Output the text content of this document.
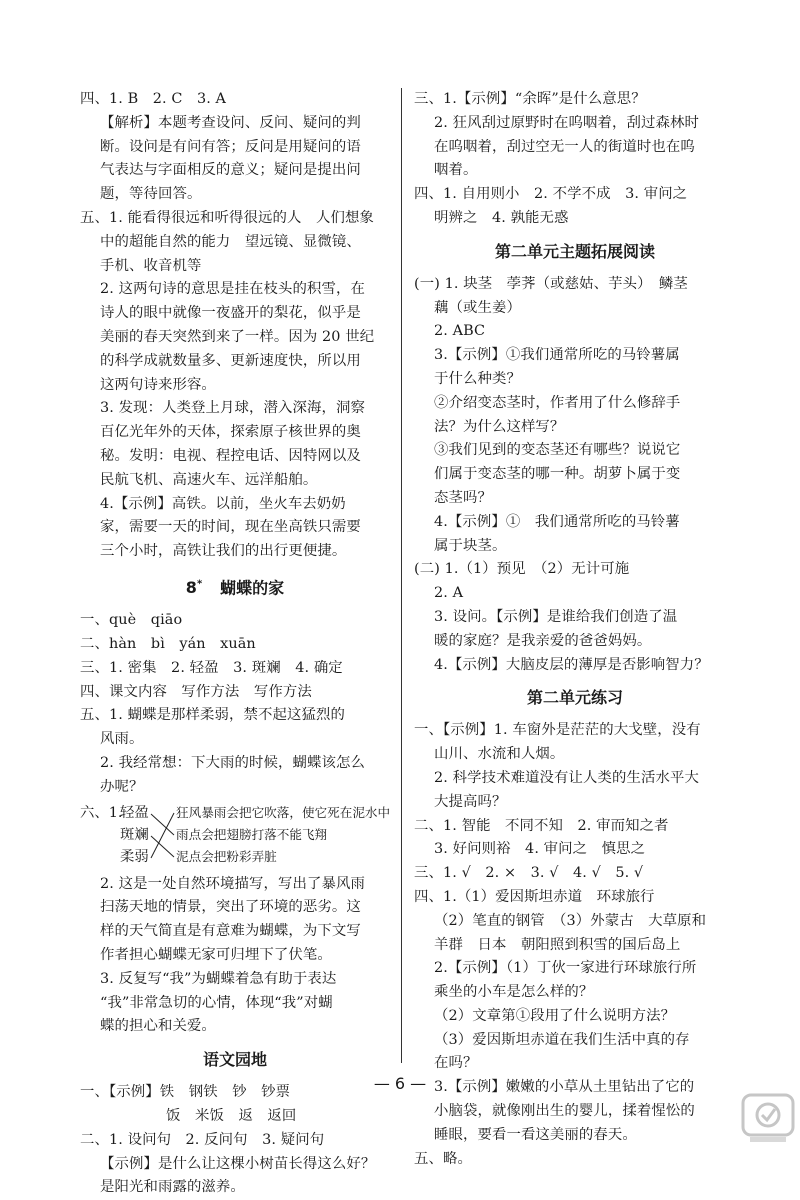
四、1. B　2. C　3. A
【解析】本题考查设问、反问、疑问的判
断。设问是有问有答；反问是用疑问的语
气表达与字面相反的意义；疑问是提出问
题，等待回答。
五、1. 能看得很远和听得很远的人　人们想象
中的超能自然的能力　望远镜、显微镜、
手机、收音机等
2. 这两句诗的意思是挂在枝头的积雪，在
诗人的眼中就像一夜盛开的梨花，似乎是
美丽的春天突然到来了一样。因为 20 世纪
的科学成就数量多、更新速度快，所以用
这两句诗来形容。
3. 发现：人类登上月球，潜入深海，洞察
百亿光年外的天体，探索原子核世界的奥
秘。发明：电视、程控电话、因特网以及
民航飞机、高速火车、远洋船舶。
4.【示例】高铁。以前，坐火车去奶奶
家，需要一天的时间，现在坐高铁只需要
三个小时，高铁让我们的出行更便捷。
8* 蝴蝶的家
一、què　qiāo
二、hàn　bì　yán　xuān
三、1. 密集　2. 轻盈　3. 斑斓　4. 确定
四、课文内容　写作方法　写作方法
五、1. 蝴蝶是那样柔弱，禁不起这猛烈的
风雨。
2. 我经常想：下大雨的时候，蝴蝶该怎么
办呢？
六、1.
轻盈
斑斓
柔弱
狂风暴雨会把它吹落，使它死在泥水中
雨点会把翅膀打落不能飞翔
泥点会把粉彩弄脏
2. 这是一处自然环境描写，写出了暴风雨
扫荡天地的情景，突出了环境的恶劣。这
样的天气简直是有意难为蝴蝶，为下文写
作者担心蝴蝶无家可归埋下了伏笔。
3. 反复写“我”为蝴蝶着急有助于表达
“我”非常急切的心情，体现“我”对蝴
蝶的担心和关爱。
语文园地
一、【示例】铁　钢铁　钞　钞票
饭　米饭　返　返回
二、1. 设问句　2. 反问句　3. 疑问句
【示例】是什么让这棵小树苗长得这么好？
是阳光和雨露的滋养。
三、1.【示例】“余晖”是什么意思？
2. 狂风刮过原野时在呜咽着，刮过森林时
在呜咽着，刮过空无一人的街道时也在呜
咽着。
四、1. 自用则小　2. 不学不成　3. 审问之
明辨之　4. 孰能无惑
第二单元主题拓展阅读
(一) 1. 块茎　荸荠（或慈姑、芋头）　鳞茎
藕（或生姜）
2. ABC
3.【示例】①我们通常所吃的马铃薯属
于什么种类？
②介绍变态茎时，作者用了什么修辞手
法？为什么这样写？
③我们见到的变态茎还有哪些？说说它
们属于变态茎的哪一种。胡萝卜属于变
态茎吗？
4.【示例】①　我们通常所吃的马铃薯
属于块茎。
(二) 1.（1）预见　（2）无计可施
2. A
3. 设问。【示例】是谁给我们创造了温
暖的家庭？是我亲爱的爸爸妈妈。
4.【示例】大脑皮层的薄厚是否影响智力？
第二单元练习
一、【示例】1. 车窗外是茫茫的大戈壁，没有
山川、水流和人烟。
2. 科学技术难道没有让人类的生活水平大
大提高吗？
二、1. 智能　不同不知　2. 审而知之者
3. 好问则裕　4. 审问之　慎思之
三、1. √　2. ×　3. √　4. √　5. √
四、1.（1）爱因斯坦赤道　环球旅行
（2）笔直的钢管　（3）外蒙古　大草原和
羊群　日本　朝阳照到积雪的国后岛上
2.【示例】（1）丁伙一家进行环球旅行所
乘坐的小车是怎么样的？
（2）文章第①段用了什么说明方法？
（3）爱因斯坦赤道在我们生活中真的存
在吗？
3.【示例】嫩嫩的小草从土里钻出了它的
小脑袋，就像刚出生的婴儿，揉着惺忪的
睡眼，要看一看这美丽的春天。
五、略。
— 6 —
